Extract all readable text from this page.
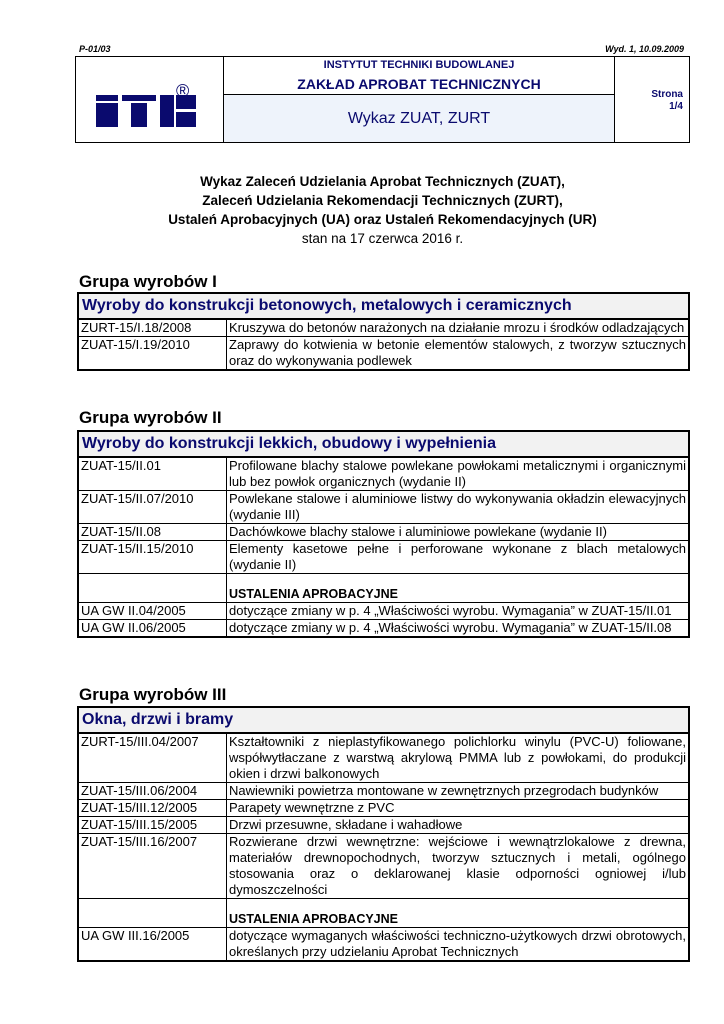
P-01/03	Wyd. 1, 10.09.2009
®
INSTYTUT TECHNIKI BUDOWLANEJ
ZAKŁAD APROBAT TECHNICZNYCH
Wykaz ZUAT, ZURT
Strona
1/4
Wykaz Zaleceń Udzielania Aprobat Technicznych (ZUAT),
Zaleceń Udzielania Rekomendacji Technicznych (ZURT),
Ustaleń Aprobacyjnych (UA) oraz Ustaleń Rekomendacyjnych (UR)
stan na 17 czerwca 2016 r.
Grupa wyrobów I
Wyroby do konstrukcji betonowych, metalowych i ceramicznych	
ZURT-15/I.18/2008	Kruszywa do betonów narażonych na działanie mrozu i środków odladzających
ZUAT-15/I.19/2010	Zaprawy do kotwienia w betonie elementów stalowych, z tworzyw sztucznych oraz do wykonywania podlewek
Grupa wyrobów II
Wyroby do konstrukcji lekkich, obudowy i wypełnienia	
ZUAT-15/II.01	Profilowane blachy stalowe powlekane powłokami metalicznymi i organicznymi lub bez powłok organicznych (wydanie II)
ZUAT-15/II.07/2010	Powlekane stalowe i aluminiowe listwy do wykonywania okładzin elewacyjnych (wydanie III)
ZUAT-15/II.08	Dachówkowe blachy stalowe i aluminiowe powlekane (wydanie II)
ZUAT-15/II.15/2010	Elementy kasetowe pełne i perforowane wykonane z blach metalowych (wydanie II)
	USTALENIA APROBACYJNE
UA GW II.04/2005	dotyczące zmiany w p. 4 „Właściwości wyrobu. Wymagania” w ZUAT-15/II.01
UA GW II.06/2005	dotyczące zmiany w p. 4 „Właściwości wyrobu. Wymagania” w ZUAT-15/II.08
Grupa wyrobów III
Okna, drzwi i bramy	
ZURT-15/III.04/2007	Kształtowniki z nieplastyfikowanego polichlorku winylu (PVC-U) foliowane, współwytłaczane z warstwą akrylową PMMA lub z powłokami, do produkcji okien i drzwi balkonowych
ZUAT-15/III.06/2004	Nawiewniki powietrza montowane w zewnętrznych przegrodach budynków
ZUAT-15/III.12/2005	Parapety wewnętrzne z PVC
ZUAT-15/III.15/2005	Drzwi przesuwne, składane i wahadłowe
ZUAT-15/III.16/2007	Rozwierane drzwi wewnętrzne: wejściowe i wewnątrzlokalowe z drewna, materiałów drewnopochodnych, tworzyw sztucznych i metali, ogólnego stosowania oraz o deklarowanej klasie odporności ogniowej i/lub dymoszczelności
	USTALENIA APROBACYJNE
UA GW III.16/2005	dotyczące wymaganych właściwości techniczno-użytkowych drzwi obrotowych, określanych przy udzielaniu Aprobat Technicznych
